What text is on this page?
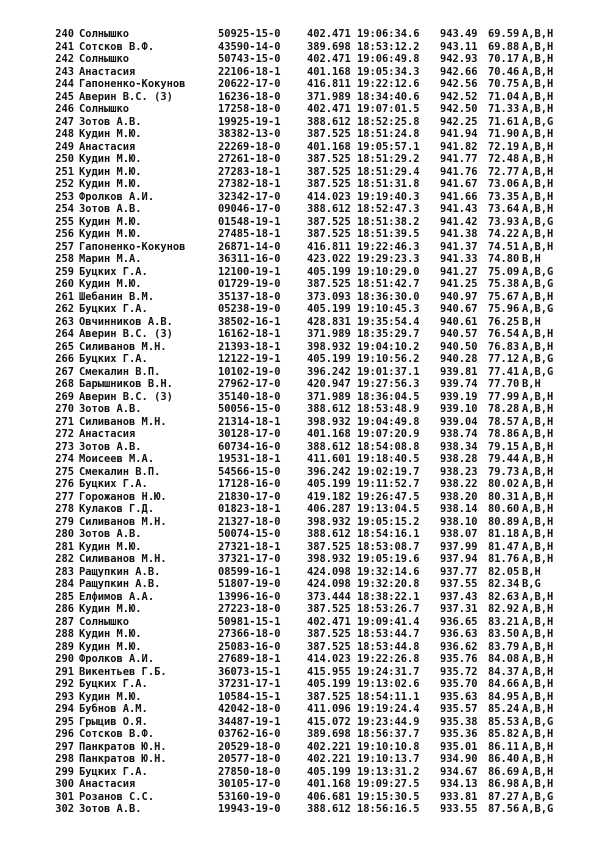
240 Солнышко	50925-15-0	402.471 19:06:34.6 943.49 69.59 A,B,H
241 Сотсков В.Ф.	43590-14-0	389.698 18:53:12.2 943.11 69.88 A,B,H
242 Солнышко	50743-15-0	402.471 19:06:49.8 942.93 70.17 A,B,H
243 Анастасия	22106-18-1	401.168 19:05:34.3 942.66 70.46 A,B,H
244 Гапоненко-Кокунов	20622-17-0	416.811 19:22:12.6 942.56 70.75 A,B,H
245 Аверин В.С. (З)	16236-18-0	371.989 18:34:40.6 942.52 71.04 A,B,H
246 Солнышко	17258-18-0	402.471 19:07:01.5 942.50 71.33 A,B,H
247 Зотов А.В.	19925-19-1	388.612 18:52:25.8 942.25 71.61 A,B,G
248 Кудин М.Ю.	38382-13-0	387.525 18:51:24.8 941.94 71.90 A,B,H
249 Анастасия	22269-18-0	401.168 19:05:57.1 941.82 72.19 A,B,H
250 Кудин М.Ю.	27261-18-0	387.525 18:51:29.2 941.77 72.48 A,B,H
251 Кудин М.Ю.	27283-18-1	387.525 18:51:29.4 941.76 72.77 A,B,H
252 Кудин М.Ю.	27382-18-1	387.525 18:51:31.8 941.67 73.06 A,B,H
253 Фролков А.И.	32342-17-0	414.023 19:19:40.3 941.66 73.35 A,B,H
254 Зотов А.В.	09046-17-0	388.612 18:52:47.3 941.43 73.64 A,B,H
255 Кудин М.Ю.	01548-19-1	387.525 18:51:38.2 941.42 73.93 A,B,G
256 Кудин М.Ю.	27485-18-1	387.525 18:51:39.5 941.38 74.22 A,B,H
257 Гапоненко-Кокунов	26871-14-0	416.811 19:22:46.3 941.37 74.51 A,B,H
258 Марин М.А.	36311-16-0	423.022 19:29:23.3 941.33 74.80 B,H
259 Буцких Г.А.	12100-19-1	405.199 19:10:29.0 941.27 75.09 A,B,G
260 Кудин М.Ю.	01729-19-0	387.525 18:51:42.7 941.25 75.38 A,B,G
261 Шебанин В.М.	35137-18-0	373.093 18:36:30.0 940.97 75.67 A,B,H
262 Буцких Г.А.	05238-19-0	405.199 19:10:45.3 940.67 75.96 A,B,G
263 Овчинников А.В.	38502-16-1	428.831 19:35:54.4 940.61 76.25 B,H
264 Аверин В.С. (З)	16162-18-1	371.989 18:35:29.7 940.57 76.54 A,B,H
265 Силиванов М.Н.	21393-18-1	398.932 19:04:10.2 940.50 76.83 A,B,H
266 Буцких Г.А.	12122-19-1	405.199 19:10:56.2 940.28 77.12 A,B,G
267 Смекалин В.П.	10102-19-0	396.242 19:01:37.1 939.81 77.41 A,B,G
268 Барышников В.Н.	27962-17-0	420.947 19:27:56.3 939.74 77.70 B,H
269 Аверин В.С. (З)	35140-18-0	371.989 18:36:04.5 939.19 77.99 A,B,H
270 Зотов А.В.	50056-15-0	388.612 18:53:48.9 939.10 78.28 A,B,H
271 Силиванов М.Н.	21314-18-1	398.932 19:04:49.8 939.04 78.57 A,B,H
272 Анастасия	30128-17-0	401.168 19:07:20.9 938.74 78.86 A,B,H
273 Зотов А.В.	60734-16-0	388.612 18:54:08.8 938.34 79.15 A,B,H
274 Моисеев М.А.	19531-18-1	411.601 19:18:40.5 938.28 79.44 A,B,H
275 Смекалин В.П.	54566-15-0	396.242 19:02:19.7 938.23 79.73 A,B,H
276 Буцких Г.А.	17128-16-0	405.199 19:11:52.7 938.22 80.02 A,B,H
277 Горожанов Н.Ю.	21830-17-0	419.182 19:26:47.5 938.20 80.31 A,B,H
278 Кулаков Г.Д.	01823-18-1	406.287 19:13:04.5 938.14 80.60 A,B,H
279 Силиванов М.Н.	21327-18-0	398.932 19:05:15.2 938.10 80.89 A,B,H
280 Зотов А.В.	50074-15-0	388.612 18:54:16.1 938.07 81.18 A,B,H
281 Кудин М.Ю.	27321-18-1	387.525 18:53:08.7 937.99 81.47 A,B,H
282 Силиванов М.Н.	37321-17-0	398.932 19:05:19.6 937.94 81.76 A,B,H
283 Ращупкин А.В.	08599-16-1	424.098 19:32:14.6 937.77 82.05 B,H
284 Ращупкин А.В.	51807-19-0	424.098 19:32:20.8 937.55 82.34 B,G
285 Елфимов А.А.	13996-16-0	373.444 18:38:22.1 937.43 82.63 A,B,H
286 Кудин М.Ю.	27223-18-0	387.525 18:53:26.7 937.31 82.92 A,B,H
287 Солнышко	50981-15-1	402.471 19:09:41.4 936.65 83.21 A,B,H
288 Кудин М.Ю.	27366-18-0	387.525 18:53:44.7 936.63 83.50 A,B,H
289 Кудин М.Ю.	25083-16-0	387.525 18:53:44.8 936.62 83.79 A,B,H
290 Фролков А.И.	27689-18-1	414.023 19:22:26.8 935.76 84.08 A,B,H
291 Викентьев Г.Б.	36073-15-1	415.955 19:24:31.7 935.72 84.37 A,B,H
292 Буцких Г.А.	37231-17-1	405.199 19:13:02.6 935.70 84.66 A,B,H
293 Кудин М.Ю.	10584-15-1	387.525 18:54:11.1 935.63 84.95 A,B,H
294 Бубнов А.М.	42042-18-0	411.096 19:19:24.4 935.57 85.24 A,B,H
295 Грыцив О.Я.	34487-19-1	415.072 19:23:44.9 935.38 85.53 A,B,G
296 Сотсков В.Ф.	03762-16-0	389.698 18:56:37.7 935.36 85.82 A,B,H
297 Панкратов Ю.Н.	20529-18-0	402.221 19:10:10.8 935.01 86.11 A,B,H
298 Панкратов Ю.Н.	20577-18-0	402.221 19:10:13.7 934.90 86.40 A,B,H
299 Буцких Г.А.	27850-18-0	405.199 19:13:31.2 934.67 86.69 A,B,H
300 Анастасия	30105-17-0	401.168 19:09:27.5 934.13 86.98 A,B,H
301 Розанов С.С.	53160-19-0	406.681 19:15:30.5 933.81 87.27 A,B,G
302 Зотов А.В.	19943-19-0	388.612 18:56:16.5 933.55 87.56 A,B,G
